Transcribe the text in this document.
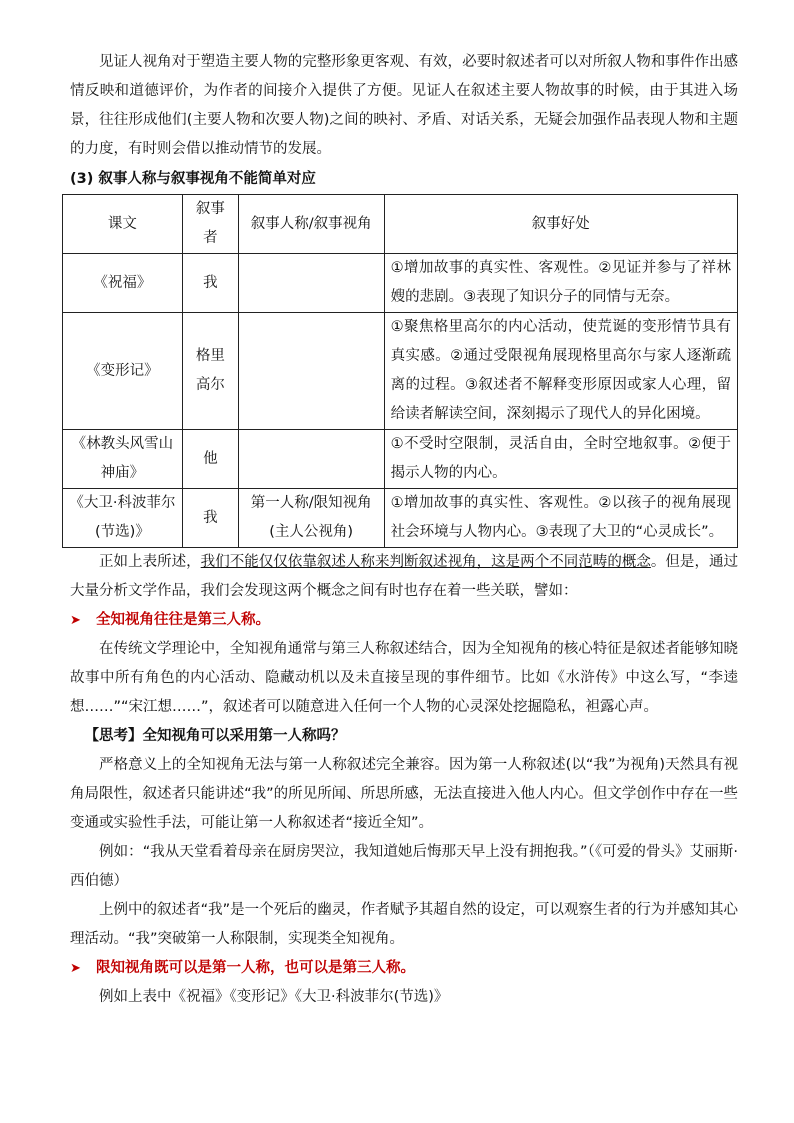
见证人视角对于塑造主要人物的完整形象更客观、有效，必要时叙述者可以对所叙人物和事件作出感情反映和道德评价，为作者的间接介入提供了方便。见证人在叙述主要人物故事的时候，由于其进入场景，往往形成他们(主要人物和次要人物)之间的映衬、矛盾、对话关系，无疑会加强作品表现人物和主题的力度，有时则会借以推动情节的发展。

(3) 叙事人称与叙事视角不能简单对应
课文	叙事者	叙事人称/叙事视角	叙事好处
《祝福》	我		①增加故事的真实性、客观性。②见证并参与了祥林嫂的悲剧。③表现了知识分子的同情与无奈。
《变形记》	格里高尔		①聚焦格里高尔的内心活动，使荒诞的变形情节具有真实感。②通过受限视角展现格里高尔与家人逐渐疏离的过程。③叙述者不解释变形原因或家人心理，留给读者解读空间，深刻揭示了现代人的异化困境。
《林教头风雪山神庙》	他		①不受时空限制，灵活自由，全时空地叙事。②便于揭示人物的内心。
《大卫·科波菲尔(节选)》	我	第一人称/限知视角(主人公视角)	①增加故事的真实性、客观性。②以孩子的视角展现社会环境与人物内心。③表现了大卫的“心灵成长”。

正如上表所述，我们不能仅仅依靠叙述人称来判断叙述视角，这是两个不同范畴的概念。但是，通过大量分析文学作品，我们会发现这两个概念之间有时也存在着一些关联，譬如：

➤	全知视角往往是第三人称。

在传统文学理论中，全知视角通常与第三人称叙述结合，因为全知视角的核心特征是叙述者能够知晓故事中所有角色的内心活动、隐藏动机以及未直接呈现的事件细节。比如《水浒传》中这么写，“李逵想……”“宋江想……”，叙述者可以随意进入任何一个人物的心灵深处挖掘隐私，袒露心声。

【思考】全知视角可以采用第一人称吗？

严格意义上的全知视角无法与第一人称叙述完全兼容。因为第一人称叙述(以“我”为视角)天然具有视角局限性，叙述者只能讲述“我”的所见所闻、所思所感，无法直接进入他人内心。但文学创作中存在一些变通或实验性手法，可能让第一人称叙述者“接近全知”。

例如：“我从天堂看着母亲在厨房哭泣，我知道她后悔那天早上没有拥抱我。”（《可爱的骨头》艾丽斯·西伯德）

上例中的叙述者“我”是一个死后的幽灵，作者赋予其超自然的设定，可以观察生者的行为并感知其心理活动。“我”突破第一人称限制，实现类全知视角。

➤	限知视角既可以是第一人称，也可以是第三人称。

例如上表中《祝福》《变形记》《大卫·科波菲尔(节选)》
